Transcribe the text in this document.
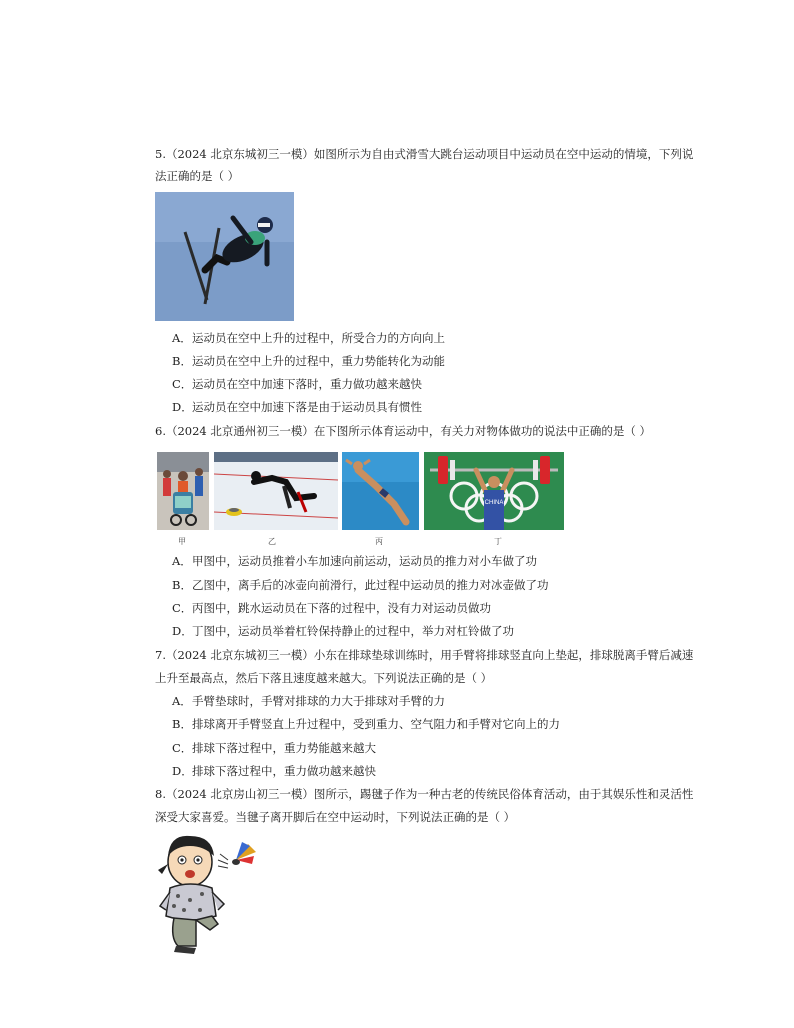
5.（2024 北京东城初三一模）如图所示为自由式滑雪大跳台运动项目中运动员在空中运动的情境，下列说
法正确的是（ ）
A．运动员在空中上升的过程中，所受合力的方向向上
B．运动员在空中上升的过程中，重力势能转化为动能
C．运动员在空中加速下落时，重力做功越来越快
D．运动员在空中加速下落是由于运动员具有惯性
6.（2024 北京通州初三一模）在下图所示体育运动中，有关力对物体做功的说法中正确的是（ ）
CHINA
甲	乙	丙	丁
A．甲图中，运动员推着小车加速向前运动，运动员的推力对小车做了功
B．乙图中，离手后的冰壶向前滑行，此过程中运动员的推力对冰壶做了功
C．丙图中，跳水运动员在下落的过程中，没有力对运动员做功
D．丁图中，运动员举着杠铃保持静止的过程中，举力对杠铃做了功
7.（2024 北京东城初三一模）小东在排球垫球训练时，用手臂将排球竖直向上垫起，排球脱离手臂后减速
上升至最高点，然后下落且速度越来越大。下列说法正确的是（ ）
A．手臂垫球时，手臂对排球的力大于排球对手臂的力
B．排球离开手臂竖直上升过程中，受到重力、空气阻力和手臂对它向上的力
C．排球下落过程中，重力势能越来越大
D．排球下落过程中，重力做功越来越快
8.（2024 北京房山初三一模）图所示，踢毽子作为一种古老的传统民俗体育活动，由于其娱乐性和灵活性
深受大家喜爱。当毽子离开脚后在空中运动时，下列说法正确的是（ ）
